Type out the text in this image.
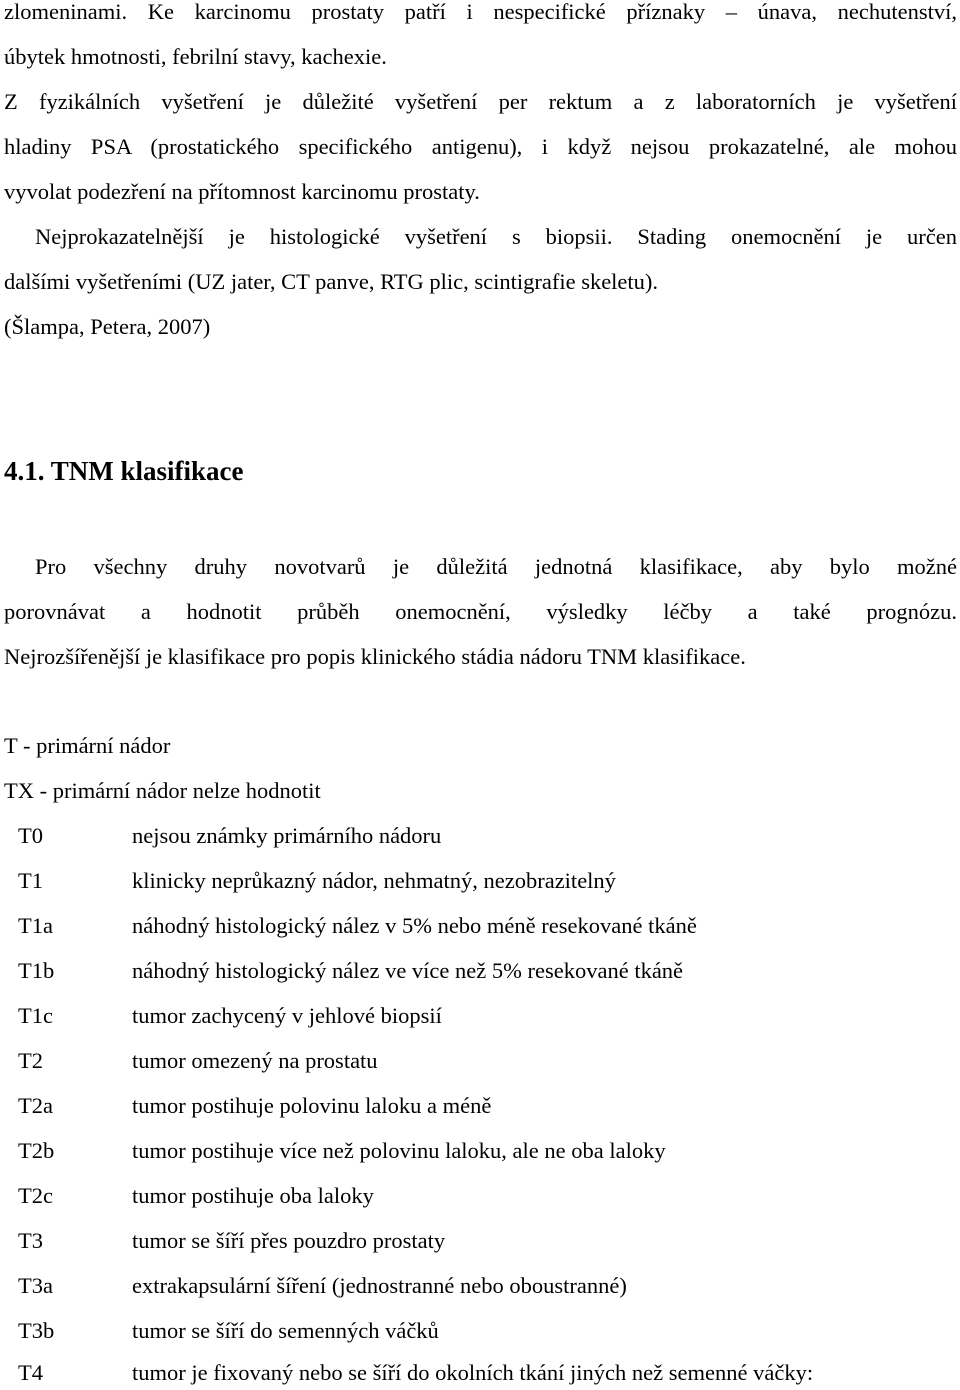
zlomeninami. Ke karcinomu prostaty patří i nespecifické příznaky – únava, nechutenství,
úbytek hmotnosti, febrilní stavy, kachexie.
Z fyzikálních vyšetření je důležité vyšetření per rektum a z laboratorních je vyšetření
hladiny PSA (prostatického specifického antigenu), i když nejsou prokazatelné, ale mohou
vyvolat podezření na přítomnost karcinomu prostaty.
Nejprokazatelnější je histologické vyšetření s biopsii. Stading onemocnění je určen
dalšími vyšetřeními (UZ jater, CT panve, RTG plic, scintigrafie skeletu).
(Šlampa, Petera, 2007)
4.1. TNM klasifikace
Pro všechny druhy novotvarů je důležitá jednotná klasifikace, aby bylo možné
porovnávat a hodnotit průběh onemocnění, výsledky léčby a také prognózu.
Nejrozšířenější je klasifikace pro popis klinického stádia nádoru TNM klasifikace.
T - primární nádor
TX - primární nádor nelze hodnotit
T0	nejsou známky primárního nádoru
T1	klinicky neprůkazný nádor, nehmatný, nezobrazitelný
T1a	náhodný histologický nález v 5% nebo méně resekované tkáně
T1b	náhodný histologický nález ve více než 5% resekované tkáně
T1c	tumor zachycený v jehlové biopsií
T2	tumor omezený na prostatu
T2a	tumor postihuje polovinu laloku a méně
T2b	tumor postihuje více než polovinu laloku, ale ne oba laloky
T2c	tumor postihuje oba laloky
T3	tumor se šíří přes pouzdro prostaty
T3a	extrakapsulární šíření (jednostranné nebo oboustranné)
T3b	tumor se šíří do semenných váčků
T4	tumor je fixovaný nebo se šíří do okolních tkání jiných než semenné váčky:
